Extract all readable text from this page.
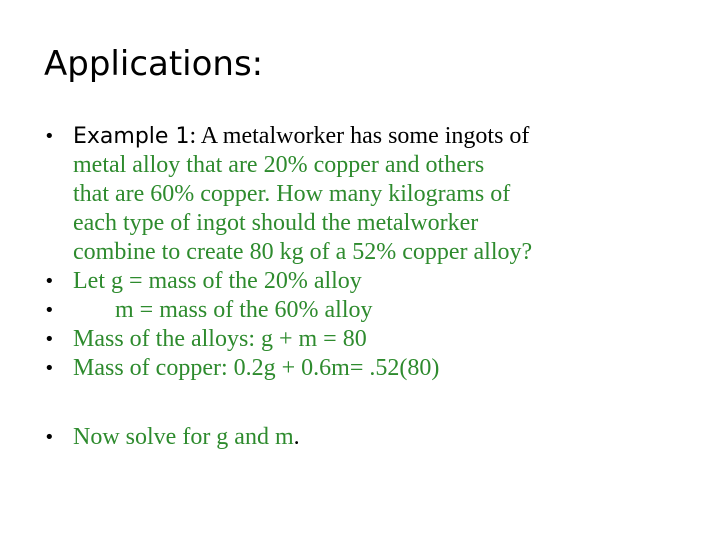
Applications:
• Example 1: A metalworker has some ingots of
metal alloy that are 20% copper and others
that are 60% copper. How many kilograms of
each type of ingot should the metalworker
combine to create 80 kg of a 52% copper alloy?
• Let g = mass of the 20% alloy
•	m = mass of the 60% alloy
• Mass of the alloys: g + m = 80
• Mass of copper: 0.2g + 0.6m= .52(80)
• Now solve for g and m.
